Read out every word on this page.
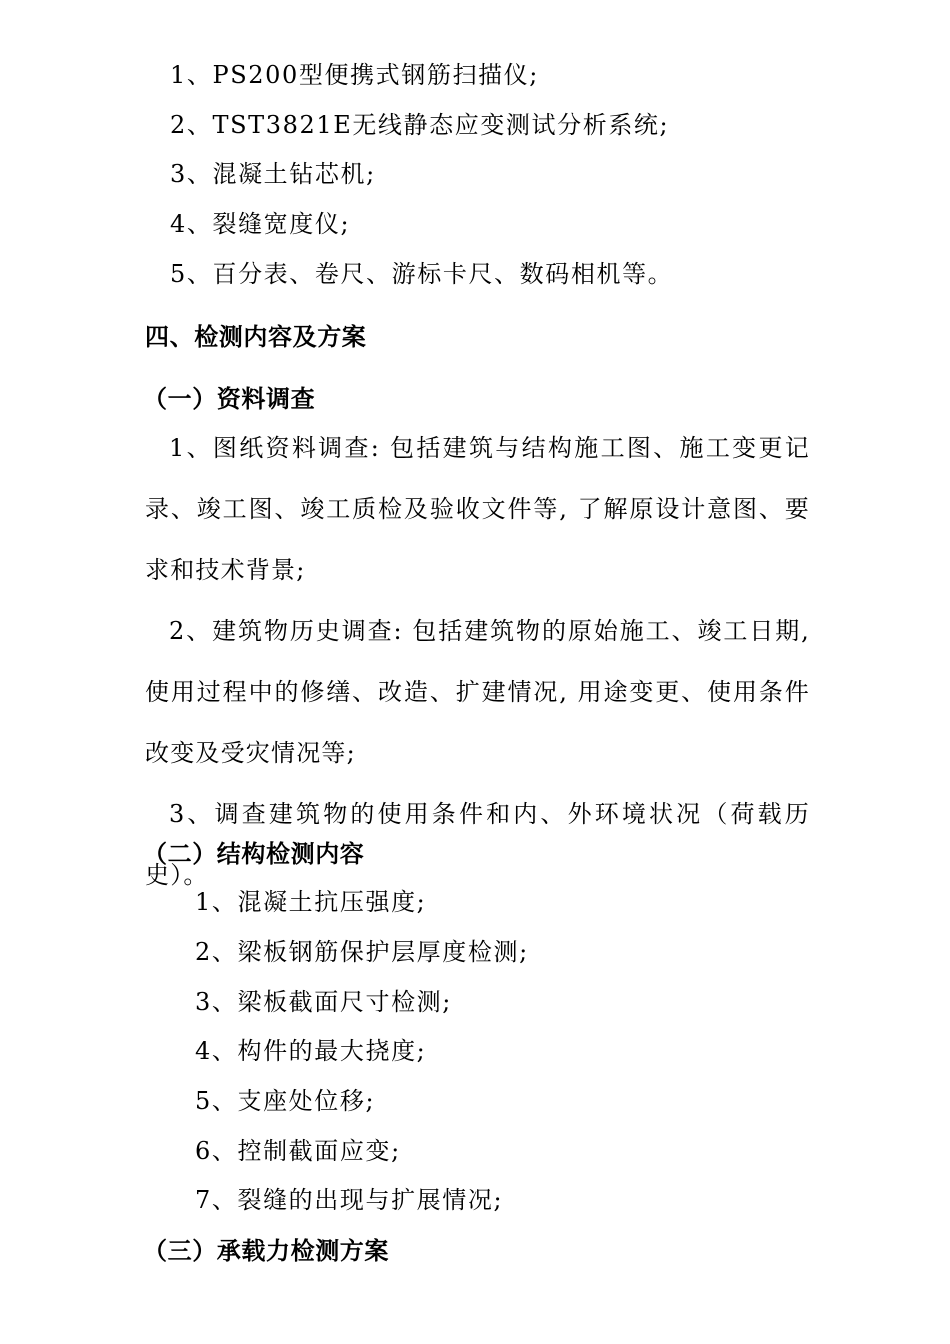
1、PS200型便携式钢筋扫描仪;
2、TST3821E无线静态应变测试分析系统;
3、混凝土钻芯机;
4、裂缝宽度仪;
5、百分表、卷尺、游标卡尺、数码相机等。
四、检测内容及方案
（一）资料调查

1、图纸资料调查: 包括建筑与结构施工图、施工变更记录、竣工图、竣工质检及验收文件等, 了解原设计意图、要求和技术背景;

2、建筑物历史调查: 包括建筑物的原始施工、竣工日期, 使用过程中的修缮、改造、扩建情况, 用途变更、使用条件改变及受灾情况等;

3、调查建筑物的使用条件和内、外环境状况（荷载历史）。

（二）结构检测内容
1、混凝土抗压强度;
2、梁板钢筋保护层厚度检测;
3、梁板截面尺寸检测;
4、构件的最大挠度;
5、支座处位移;
6、控制截面应变;
7、裂缝的出现与扩展情况;
（三）承载力检测方案
